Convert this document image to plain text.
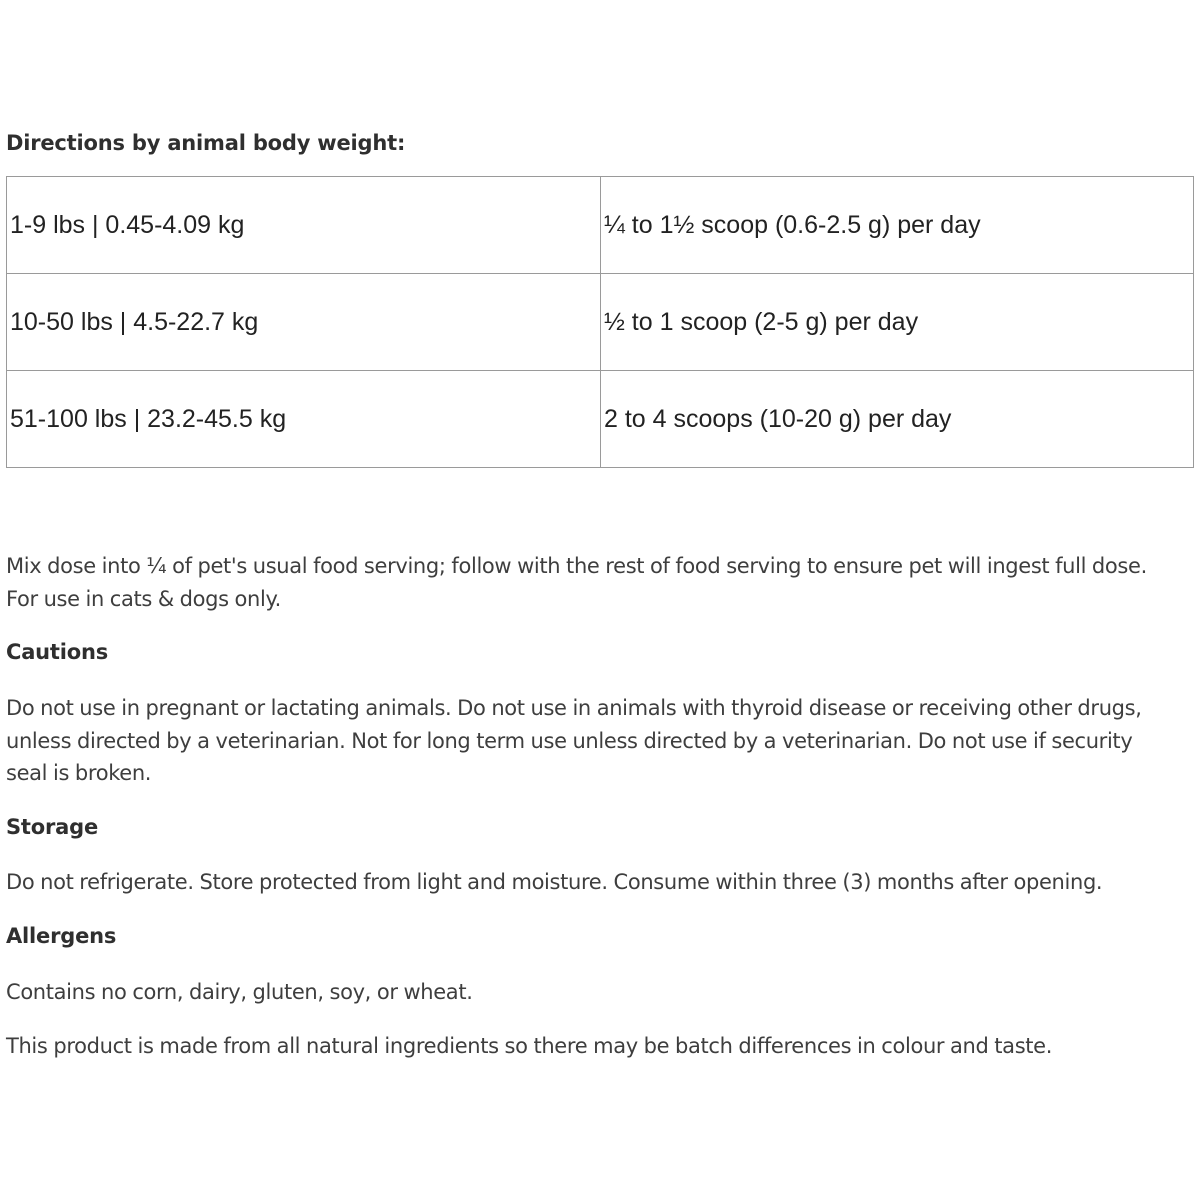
Directions by animal body weight:
1-9 lbs | 0.45-4.09 kg	¼ to 1½ scoop (0.6-2.5 g) per day
10-50 lbs | 4.5-22.7 kg	½ to 1 scoop (2-5 g) per day
51-100 lbs | 23.2-45.5 kg	2 to 4 scoops (10-20 g) per day

Mix dose into ¼ of pet's usual food serving; follow with the rest of food serving to ensure pet will ingest full dose.
For use in cats & dogs only.

Cautions

Do not use in pregnant or lactating animals. Do not use in animals with thyroid disease or receiving other drugs,
unless directed by a veterinarian. Not for long term use unless directed by a veterinarian. Do not use if security
seal is broken.

Storage

Do not refrigerate. Store protected from light and moisture. Consume within three (3) months after opening.

Allergens

Contains no corn, dairy, gluten, soy, or wheat.

This product is made from all natural ingredients so there may be batch differences in colour and taste.
